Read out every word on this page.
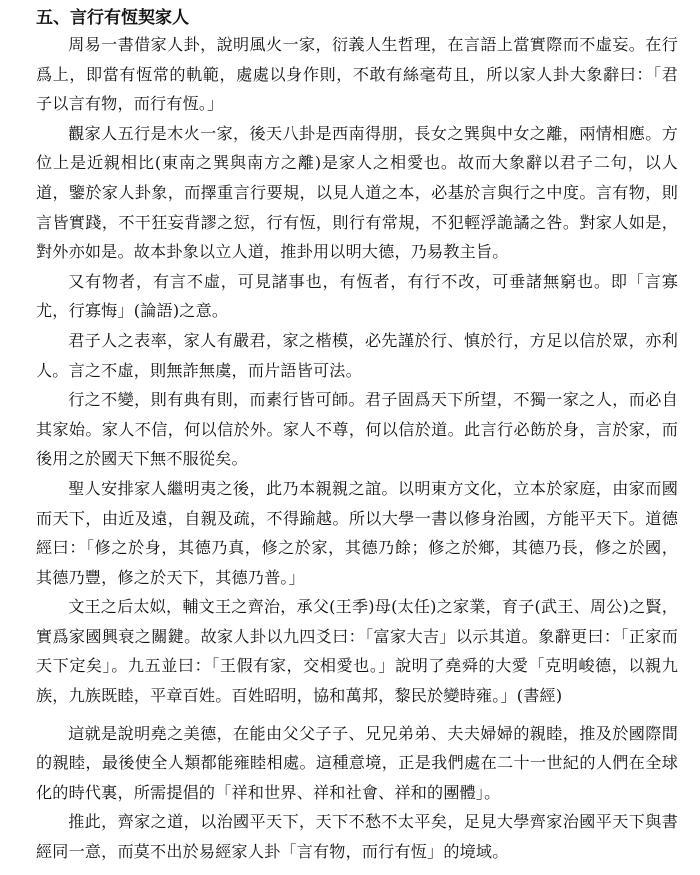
五、言行有恆契家人

周易一書借家人卦，說明風火一家，衍義人生哲理，在言語上當實際而不虛妄。在行爲上，即當有恆常的軌範，處處以身作則，不敢有絲毫苟且，所以家人卦大象辭曰：「君子以言有物，而行有恆。」

觀家人五行是木火一家，後天八卦是西南得朋，長女之巽與中女之離，兩情相應。方位上是近親相比(東南之巽與南方之離)是家人之相愛也。故而大象辭以君子二句，以人道，鑒於家人卦象，而擇重言行要規，以見人道之本，必基於言與行之中度。言有物，則言皆實踐，不干狂妄背謬之愆，行有恆，則行有常規，不犯輕浮詭譎之咎。對家人如是，對外亦如是。故本卦象以立人道，推卦用以明大德，乃易教主旨。

又有物者，有言不虛，可見諸事也，有恆者，有行不改，可垂諸無窮也。即「言寡尤，行寡悔」(論語)之意。

君子人之表率，家人有嚴君，家之楷模，必先謹於行、慎於行，方足以信於眾，亦利人。言之不虛，則無詐無虞，而片語皆可法。

行之不變，則有典有則，而素行皆可師。君子固爲天下所望，不獨一家之人，而必自其家始。家人不信，何以信於外。家人不尊，何以信於道。此言行必飭於身，言於家，而後用之於國天下無不服從矣。

聖人安排家人繼明夷之後，此乃本親親之誼。以明東方文化，立本於家庭，由家而國而天下，由近及遠，自親及疏，不得踰越。所以大學一書以修身治國，方能平天下。道德經曰：「修之於身，其德乃真，修之於家，其德乃餘；修之於鄉，其德乃長，修之於國，其德乃豐，修之於天下，其德乃普。」

文王之后太姒，輔文王之齊治，承父(王季)母(太任)之家業，育子(武王、周公)之賢，實爲家國興衰之關鍵。故家人卦以九四爻曰：「富家大吉」以示其道。象辭更曰：「正家而天下定矣」。九五並曰：「王假有家，交相愛也。」說明了堯舜的大愛「克明峻德，以親九族，九族既睦，平章百姓。百姓昭明，協和萬邦，黎民於變時雍。」(書經)

這就是說明堯之美德，在能由父父子子、兄兄弟弟、夫夫婦婦的親睦，推及於國際間的親睦，最後使全人類都能雍睦相處。這種意境，正是我們處在二十一世紀的人們在全球化的時代裏，所需提倡的「祥和世界、祥和社會、祥和的團體」。

推此，齊家之道，以治國平天下，天下不愁不太平矣，足見大學齊家治國平天下與書經同一意，而莫不出於易經家人卦「言有物，而行有恆」的境域。
